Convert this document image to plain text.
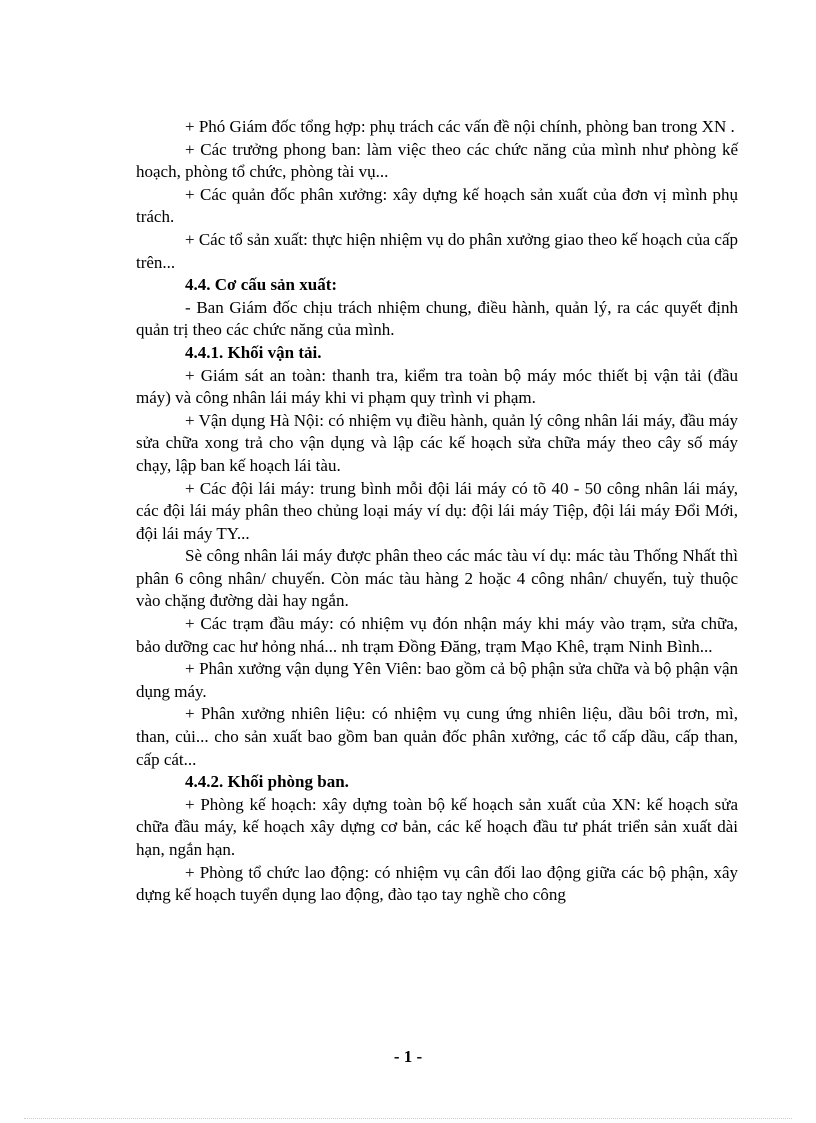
+ Phó Giám đốc tổng hợp: phụ trách các vấn đề nội chính, phòng ban trong XN .

+ Các trưởng phong ban: làm việc theo các chức năng của mình như phòng kế hoạch, phòng tổ chức, phòng tài vụ...

+ Các quản đốc phân xưởng: xây dựng kế hoạch sản xuất của đơn vị mình phụ trách.

+ Các tổ sản xuất: thực hiện nhiệm vụ do phân xưởng giao theo kế hoạch của cấp trên...

4.4. Cơ cấu sản xuất:

- Ban Giám đốc chịu trách nhiệm chung, điều hành, quản lý, ra các quyết định quản trị theo các chức năng của mình.

4.4.1. Khối vận tải.

+ Giám sát an toàn: thanh tra, kiểm tra toàn bộ máy móc thiết bị vận tải (đầu máy) và công nhân lái máy khi vi phạm quy trình vi phạm.

+ Vận dụng Hà Nội: có nhiệm vụ điều hành, quản lý công nhân lái máy, đầu máy sửa chữa xong trả cho vận dụng và lập các kế hoạch sửa chữa máy theo cây số máy chạy, lập ban kế hoạch lái tàu.

+ Các đội lái máy: trung bình mỗi đội lái máy có tõ 40 - 50 công nhân lái máy, các đội lái máy phân theo chủng loại máy ví dụ: đội lái máy Tiệp, đội lái máy Đổi Mới, đội lái máy TY...

Sè công nhân lái máy được phân theo các mác tàu ví dụ: mác tàu Thống Nhất thì phân 6 công nhân/ chuyến. Còn mác tàu hàng 2 hoặc 4 công nhân/ chuyến, tuỳ thuộc vào chặng đường dài hay ngắn.

+ Các trạm đầu máy: có nhiệm vụ đón nhận máy khi máy vào trạm, sửa chữa, bảo dưỡng cac hư hỏng nhá... nh trạm Đồng Đăng, trạm Mạo Khê, trạm Ninh Bình...

+ Phân xưởng vận dụng Yên Viên: bao gồm cả bộ phận sửa chữa và bộ phận vận dụng máy.

+ Phân xưởng nhiên liệu: có nhiệm vụ cung ứng nhiên liệu, dầu bôi trơn, mì, than, củi... cho sản xuất bao gồm ban quản đốc phân xưởng, các tổ cấp dầu, cấp than, cấp cát...

4.4.2. Khối phòng ban.

+ Phòng kế hoạch: xây dựng toàn bộ kế hoạch sản xuất của XN: kế hoạch sửa chữa đầu máy, kế hoạch xây dựng cơ bản, các kế hoạch đầu tư phát triển sản xuất dài hạn, ngắn hạn.

+ Phòng tổ chức lao động: có nhiệm vụ cân đối lao động giữa các bộ phận, xây dựng kế hoạch tuyển dụng lao động, đào tạo tay nghề cho công

- 1 -
